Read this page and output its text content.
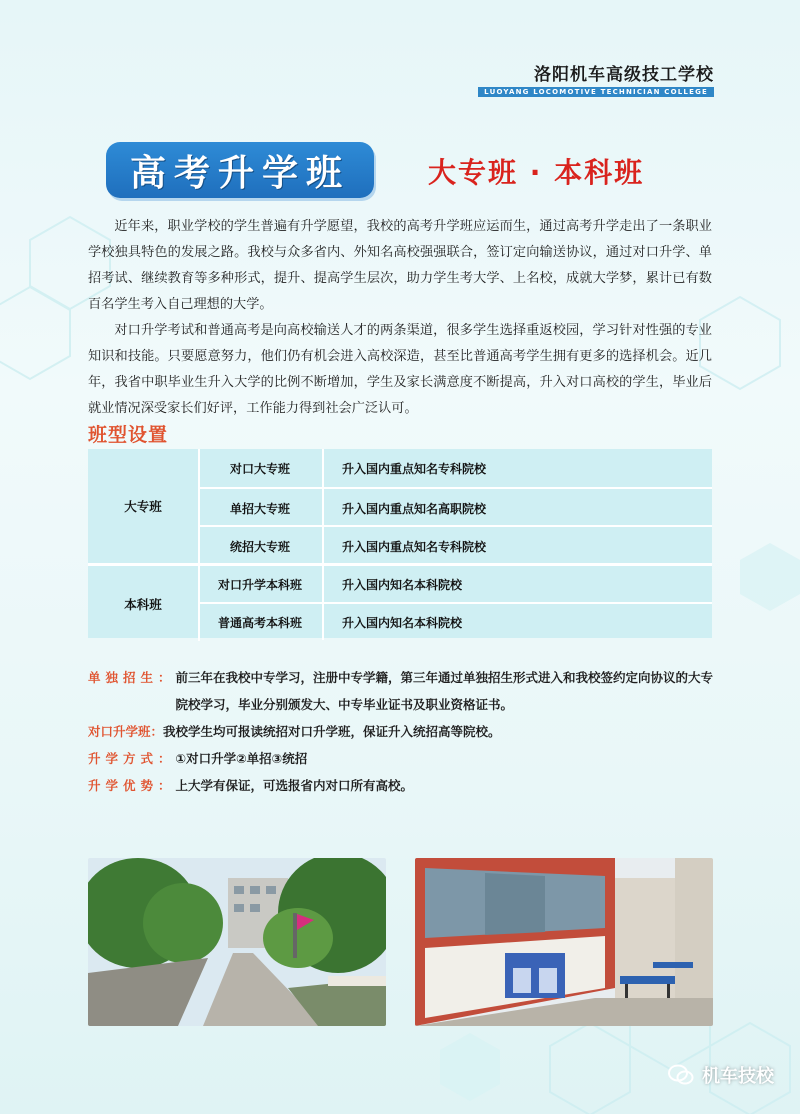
洛阳机车高级技工学校
LUOYANG LOCOMOTIVE TECHNICIAN COLLEGE
高考升学班	大专班 · 本科班
近年来，职业学校的学生普遍有升学愿望，我校的高考升学班应运而生，通过高考升学走出了一条职业学校独具特色的发展之路。我校与众多省内、外知名高校强强联合，签订定向输送协议，通过对口升学、单招考试、继续教育等多种形式，提升、提高学生层次，助力学生考大学、上名校，成就大学梦，累计已有数百名学生考入自己理想的大学。
对口升学考试和普通高考是向高校输送人才的两条渠道，很多学生选择重返校园，学习针对性强的专业知识和技能。只要愿意努力，他们仍有机会进入高校深造，甚至比普通高考学生拥有更多的选择机会。近几年，我省中职毕业生升入大学的比例不断增加，学生及家长满意度不断提高，升入对口高校的学生，毕业后就业情况深受家长们好评，工作能力得到社会广泛认可。
班型设置
大专班
对口大专班	升入国内重点知名专科院校
单招大专班	升入国内重点知名高职院校
统招大专班	升入国内重点知名专科院校
本科班
对口升学本科班	升入国内知名本科院校
普通高考本科班	升入国内知名本科院校
单独招生： 前三年在我校中专学习，注册中专学籍，第三年通过单独招生形式进入和我校签约定向协议的大专院校学习，毕业分别颁发大、中专毕业证书及职业资格证书。
对口升学班： 我校学生均可报读统招对口升学班，保证升入统招高等院校。
升学方式： ①对口升学②单招③统招
升学优势： 上大学有保证，可选报省内对口所有高校。
机车技校
